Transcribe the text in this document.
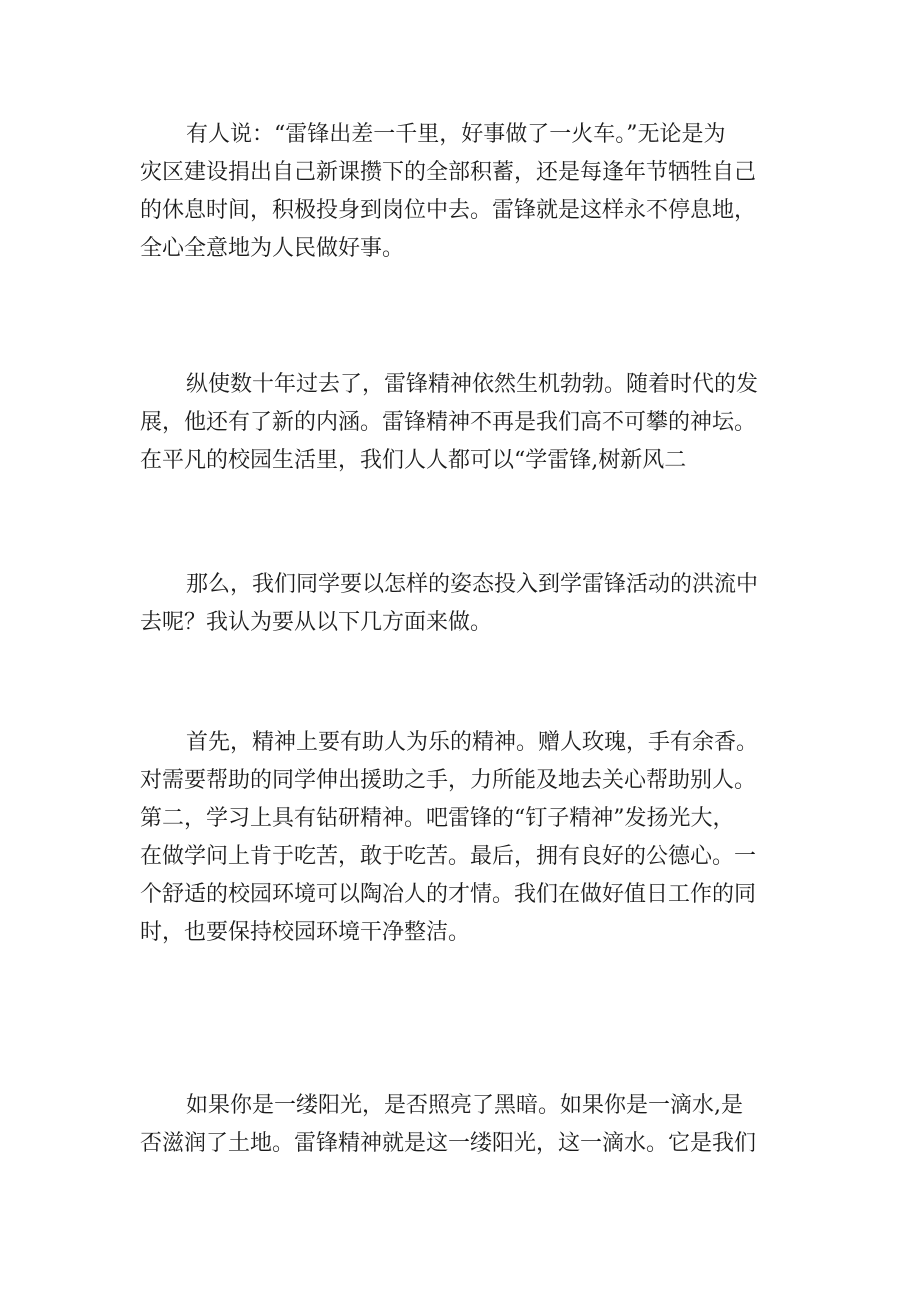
有人说：“雷锋出差一千里，好事做了一火车。”无论是为
灾区建设捐出自己新课攒下的全部积蓄，还是每逢年节牺牲自己
的休息时间，积极投身到岗位中去。雷锋就是这样永不停息地，
全心全意地为人民做好事。

纵使数十年过去了，雷锋精神依然生机勃勃。随着时代的发
展，他还有了新的内涵。雷锋精神不再是我们高不可攀的神坛。
在平凡的校园生活里，我们人人都可以“学雷锋,树新风二

那么，我们同学要以怎样的姿态投入到学雷锋活动的洪流中
去呢？我认为要从以下几方面来做。

首先，精神上要有助人为乐的精神。赠人玫瑰，手有余香。
对需要帮助的同学伸出援助之手，力所能及地去关心帮助别人。
第二，学习上具有钻研精神。吧雷锋的“钉子精神”发扬光大，
在做学问上肯于吃苦，敢于吃苦。最后，拥有良好的公德心。一
个舒适的校园环境可以陶冶人的才情。我们在做好值日工作的同
时，也要保持校园环境干净整洁。

如果你是一缕阳光，是否照亮了黑暗。如果你是一滴水,是
否滋润了土地。雷锋精神就是这一缕阳光，这一滴水。它是我们
